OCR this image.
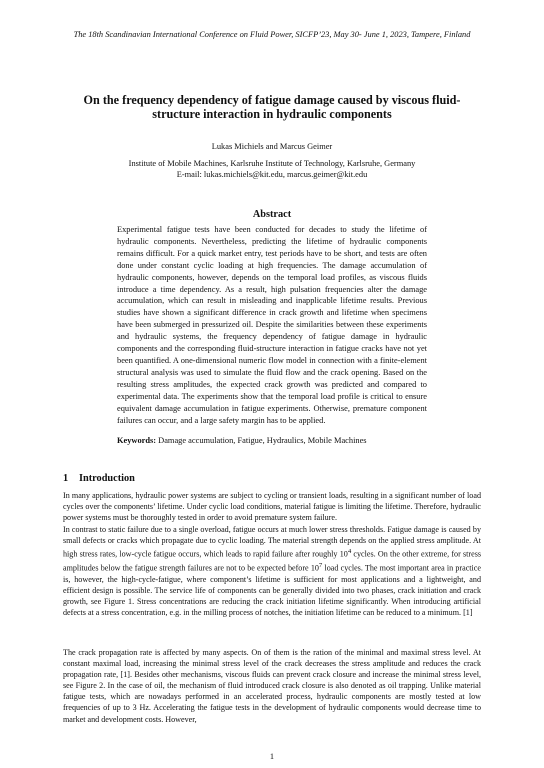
The 18th Scandinavian International Conference on Fluid Power, SICFP’23, May 30- June 1, 2023, Tampere, Finland
On the frequency dependency of fatigue damage caused by viscous fluid-structure interaction in hydraulic components
Lukas Michiels and Marcus Geimer
Institute of Mobile Machines, Karlsruhe Institute of Technology, Karlsruhe, Germany
E-mail: lukas.michiels@kit.edu, marcus.geimer@kit.edu
Abstract
Experimental fatigue tests have been conducted for decades to study the lifetime of hydraulic components. Nevertheless, predicting the lifetime of hydraulic components remains difficult. For a quick market entry, test periods have to be short, and tests are often done under constant cyclic loading at high frequencies. The damage accumulation of hydraulic components, however, depends on the temporal load profiles, as viscous fluids introduce a time dependency. As a result, high pulsation frequencies alter the damage accumulation, which can result in misleading and inapplicable lifetime results. Previous studies have shown a significant difference in crack growth and lifetime when specimens have been submerged in pressurized oil. Despite the similarities between these experiments and hydraulic systems, the frequency dependency of fatigue damage in hydraulic components and the corresponding fluid-structure interaction in fatigue cracks have not yet been quantified. A one-dimensional numeric flow model in connection with a finite-element structural analysis was used to simulate the fluid flow and the crack opening. Based on the resulting stress amplitudes, the expected crack growth was predicted and compared to experimental data. The experiments show that the temporal load profile is critical to ensure equivalent damage accumulation in fatigue experiments. Otherwise, premature component failures can occur, and a large safety margin has to be applied.
Keywords: Damage accumulation, Fatigue, Hydraulics, Mobile Machines
1 Introduction
In many applications, hydraulic power systems are subject to cycling or transient loads, resulting in a significant number of load cycles over the components’ lifetime. Under cyclic load conditions, material fatigue is limiting the lifetime. Therefore, hydraulic power systems must be thoroughly tested in order to avoid premature system failure.
In contrast to static failure due to a single overload, fatigue occurs at much lower stress thresholds. Fatigue damage is caused by small defects or cracks which propagate due to cyclic loading. The material strength depends on the applied stress amplitude. At high stress rates, low-cycle fatigue occurs, which leads to rapid failure after roughly $10^4$ cycles. On the other extreme, for stress amplitudes below the fatigue strength failures are not to be expected before $10^7$ load cycles. The most important area in practice is, however, the high-cycle-fatigue, where component’s lifetime is sufficient for most applications and a lightweight, and efficient design is possible. The service life of components can be generally divided into two phases, crack initiation and crack growth, see Figure 1. Stress concentrations are reducing the crack initiation lifetime significantly. When introducing artificial defects at a stress concentration, e.g. in the milling process of notches, the initiation lifetime can be reduced to a minimum. [1]
The crack propagation rate is affected by many aspects. On of them is the ration of the minimal and maximal stress level. At constant maximal load, increasing the minimal stress level of the crack decreases the stress amplitude and reduces the crack propagation rate, [1]. Besides other mechanisms, viscous fluids can prevent crack closure and increase the minimal stress level, see Figure 2. In the case of oil, the mechanism of fluid introduced crack closure is also denoted as oil trapping. Unlike material fatigue tests, which are nowadays performed in an accelerated process, hydraulic components are mostly tested at low frequencies of up to 3 Hz. Accelerating the fatigue tests in the development of hydraulic components would decrease time to market and development costs. However,
1
